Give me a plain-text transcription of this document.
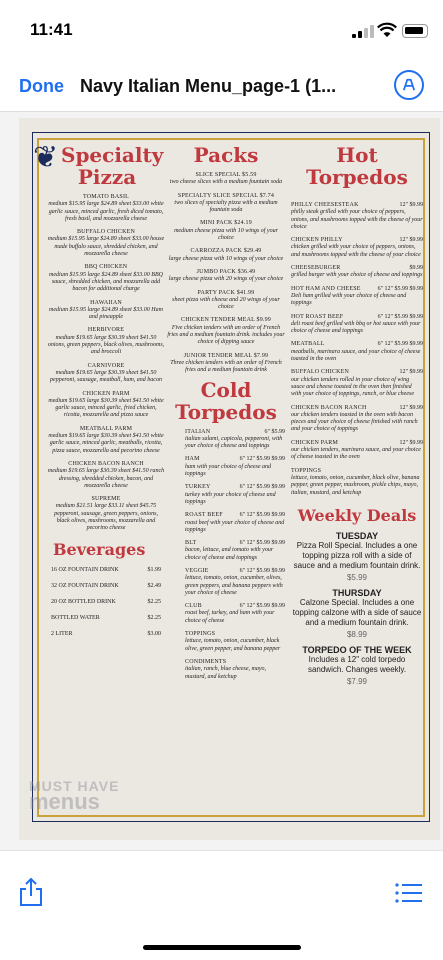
11:41
Done Navy Italian Menu_page-1 (1...
❦ Specialty Pizza
TOMATO BASIL
medium $15.95 large $24.89 sheet $33.00 white garlic sauce, minced garlic, fresh diced tomato, fresh basil, and mozzarella cheese
BUFFALO CHICKEN
medium $15.95 large $24.89 sheet $33.00 house made buffalo sauce, shredded chicken, and mozzarella cheese
BBQ CHICKEN
medium $15.95 large $24.89 sheet $33.00 BBQ sauce, shredded chicken, and mozzarella add bacon for additional charge
HAWAIIAN
medium $15.95 large $24.89 sheet $33.00 Ham and pineapple
HERBIVORE
medium $19.65 large $30.39 sheet $41.50 onions, green peppers, black olives, mushrooms, and broccoli
CARNIVORE
medium $19.65 large $30.39 sheet $41.50 pepperoni, sausage, meatball, ham, and bacon
CHICKEN PARM
medium $19.65 large $30.39 sheet $41.50 white garlic sauce, minced garlic, fried chicken, ricotta, mozzarella and pizza sauce
MEATBALL PARM
medium $19.65 large $30.39 sheet $41.50 white garlic sauce, minced garlic, meatballs, ricotta, pizza sauce, mozzarella and pecorino cheese
CHICKEN BACON RANCH
medium $19.65 large $30.39 sheet $41.50 ranch dressing, shredded chicken, bacon, and mozzarella cheese
SUPREME
medium $21.51 large $33.11 sheet $45.75 pepperoni, sausage, green peppers, onions, black olives, mushrooms, mozzarella and pecorino cheese
Beverages
16 OZ FOUNTAIN DRINK	$1.99
32 OZ FOUNTAIN DRINK	$2.49
20 OZ BOTTLED DRINK	$2.25
BOTTLED WATER	$2.25
2 LITER	$3.00
Packs
SLICE SPECIAL $5.59
two cheese slices with a medium fountain soda
SPECIALTY SLICE SPECIAL $7.74
two slices of specialty pizza with a medium fountain soda
MINI PACK $24.19
medium cheese pizza with 10 wings of your choice
CARROZZA PACK $29.49
large cheese pizza with 10 wings of your choice
JUMBO PACK $36.49
large cheese pizza with 20 wings of your choice
PARTY PACK $41.99
sheet pizza with cheese and 20 wings of your choice
CHICKEN TENDER MEAL $9.99
Five chicken tenders with an order of French fries and a medium fountain drink. includes your choice of dipping sauce
JUNIOR TENDER MEAL $7.99
Three chicken tenders with an order of French fries and a medium fountain drink
Cold Torpedos
ITALIAN	6" $5.99
italian salami, capicola, pepperoni, with your choice of cheese and toppings
HAM	6" 12" $5.99 $9.99
ham with your choice of cheese and toppings
TURKEY	6" 12" $5.99 $9.99
turkey with your choice of cheese and toppings
ROAST BEEF	6" 12" $5.99 $9.99
roast beef with your choice of cheese and toppings
BLT	6" 12" $5.99 $9.99
bacon, lettuce, and tomato with your choice of cheese and toppings
VEGGIE	6" 12" $5.99 $9.99
lettuce, tomato, onion, cucumber, olives, green peppers, and banana peppers with your choice of cheese
CLUB	6" 12" $5.99 $9.99
roast beef, turkey, and ham with your choice of cheese
TOPPINGS
lettuce, tomato, onion, cucumber, black olive, green pepper, and banana pepper
CONDIMENTS
italian, ranch, blue cheese, mayo, mustard, and ketchup
Hot Torpedos
PHILLY CHEESESTEAK	12" $9.99
philly steak grilled with your choice of peppers, onions, and mushrooms topped with the cheese of your choice
CHICKEN PHILLY	12" $9.99
chicken grilled with your choice of peppers, onions, and mushrooms topped with the cheese of your choice
CHEESEBURGER	$9.99
grilled burger with your choice of cheese and toppings
HOT HAM AND CHEESE	6" 12" $5.99 $9.99
Deli ham grilled with your choice of cheese and toppings
HOT ROAST BEEF	6" 12" $5.99 $9.99
deli roast beef grilled with bbq or hot sauce with your choice of cheese and toppings
MEATBALL	6" 12" $5.99 $9.99
meatballs, marinara sauce, and your choice of cheese toasted in the oven
BUFFALO CHICKEN	12" $9.99
our chicken tenders rolled in your choice of wing sauce and cheese toasted in the oven then finished with your choice of toppings, ranch, or blue cheese
CHICKEN BACON RANCH	12" $9.99
our chicken tenders toasted in the oven with bacon pieces and your choice of cheese finished with ranch and your choice of toppings
CHICKEN PARM	12" $9.99
our chicken tenders, marinara sauce, and your choice of cheese toasted in the oven
TOPPINGS
lettuce, tomato, onion, cucumber, black olive, banana pepper, green pepper, mushroom, pickle chips, mayo, italian, mustard, and ketchup
Weekly Deals
TUESDAY
Pizza Roll Special. Includes a one topping pizza roll with a side of sauce and a medium fountain drink.
$5.99
THURSDAY
Calzone Special. Includes a one topping calzone with a side of sauce and a medium fountain drink.
$8.99
TORPEDO OF THE WEEK
Includes a 12" cold torpedo sandwich. Changes weekly.
$7.99
MUST HAVE
menus
